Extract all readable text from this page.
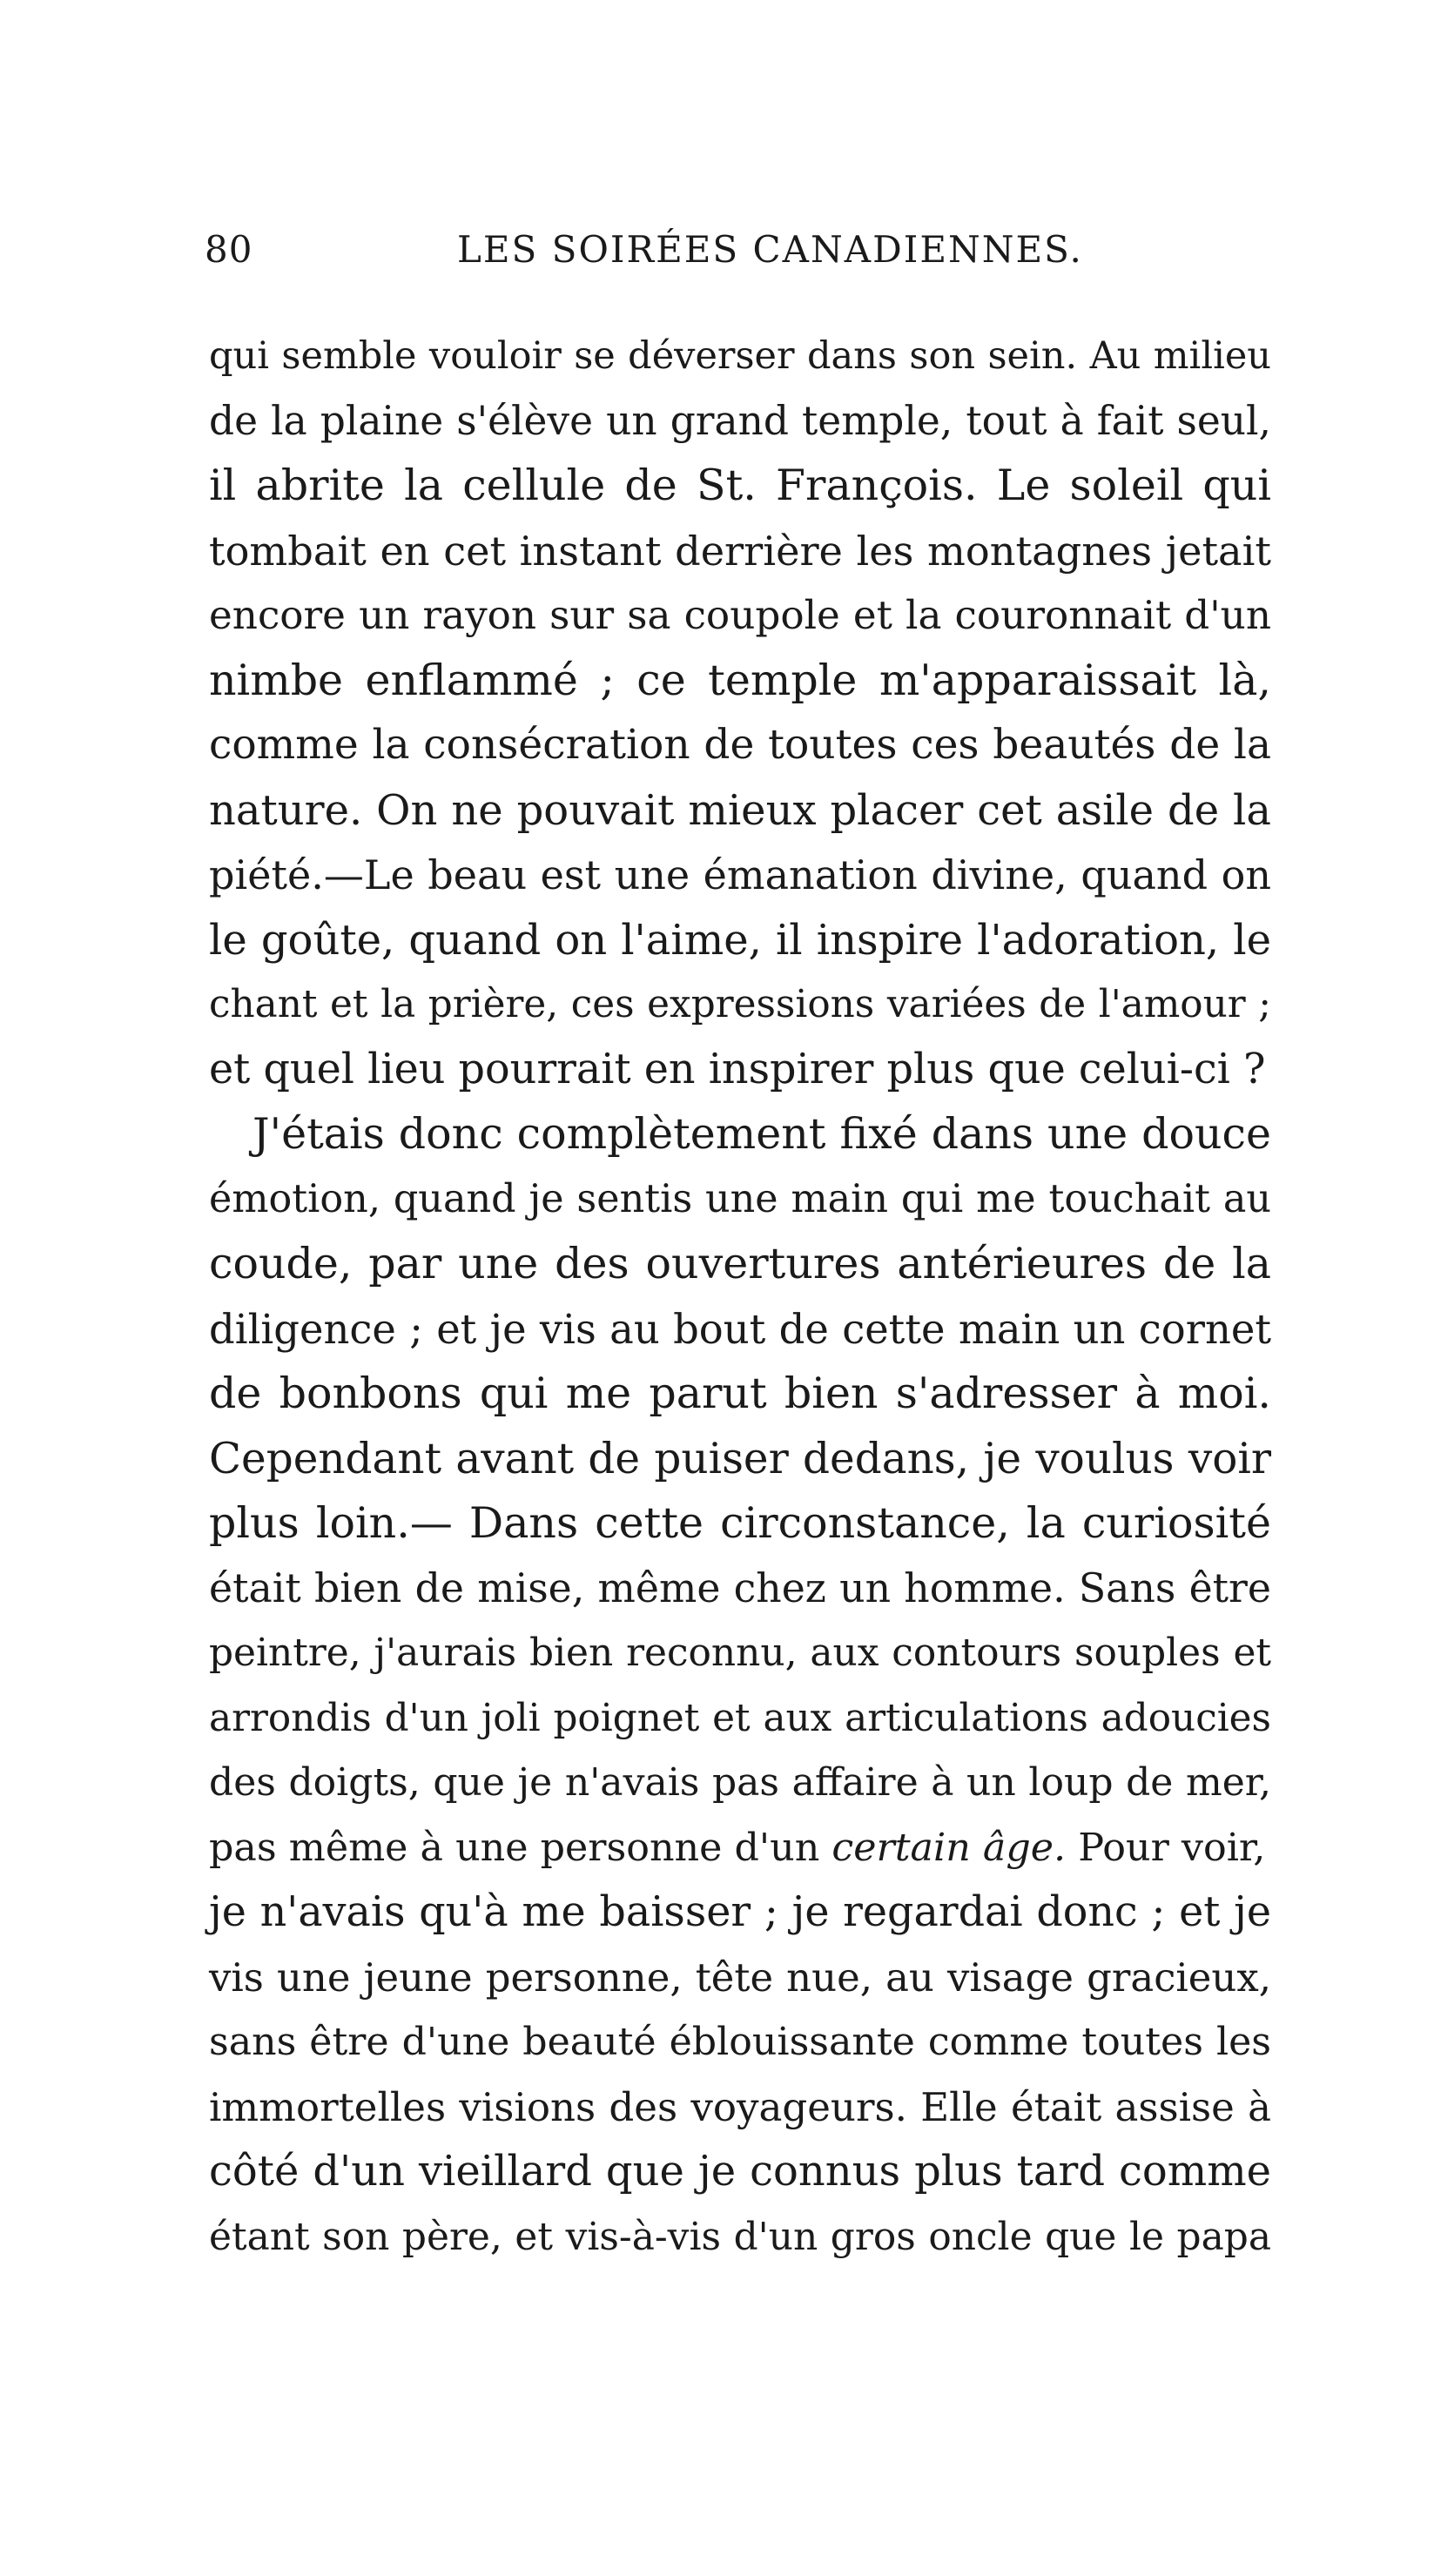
80	LES SOIRÉES CANADIENNES.
qui semble vouloir se déverser dans son sein. Au milieu
de la plaine s'élève un grand temple, tout à fait seul,
il abrite la cellule de St. François. Le soleil qui
tombait en cet instant derrière les montagnes jetait
encore un rayon sur sa coupole et la couronnait d'un
nimbe enflammé ; ce temple m'apparaissait là,
comme la consécration de toutes ces beautés de la
nature. On ne pouvait mieux placer cet asile de la
piété.—Le beau est une émanation divine, quand on
le goûte, quand on l'aime, il inspire l'adoration, le
chant et la prière, ces expressions variées de l'amour ;
et quel lieu pourrait en inspirer plus que celui-ci ?
J'étais donc complètement fixé dans une douce
émotion, quand je sentis une main qui me touchait au
coude, par une des ouvertures antérieures de la
diligence ; et je vis au bout de cette main un cornet
de bonbons qui me parut bien s'adresser à moi.
Cependant avant de puiser dedans, je voulus voir
plus loin.— Dans cette circonstance, la curiosité
était bien de mise, même chez un homme. Sans être
peintre, j'aurais bien reconnu, aux contours souples et
arrondis d'un joli poignet et aux articulations adoucies
des doigts, que je n'avais pas affaire à un loup de mer,
pas même à une personne d'un certain âge. Pour voir,
je n'avais qu'à me baisser ; je regardai donc ; et je
vis une jeune personne, tête nue, au visage gracieux,
sans être d'une beauté éblouissante comme toutes les
immortelles visions des voyageurs. Elle était assise à
côté d'un vieillard que je connus plus tard comme
étant son père, et vis-à-vis d'un gros oncle que le papa
